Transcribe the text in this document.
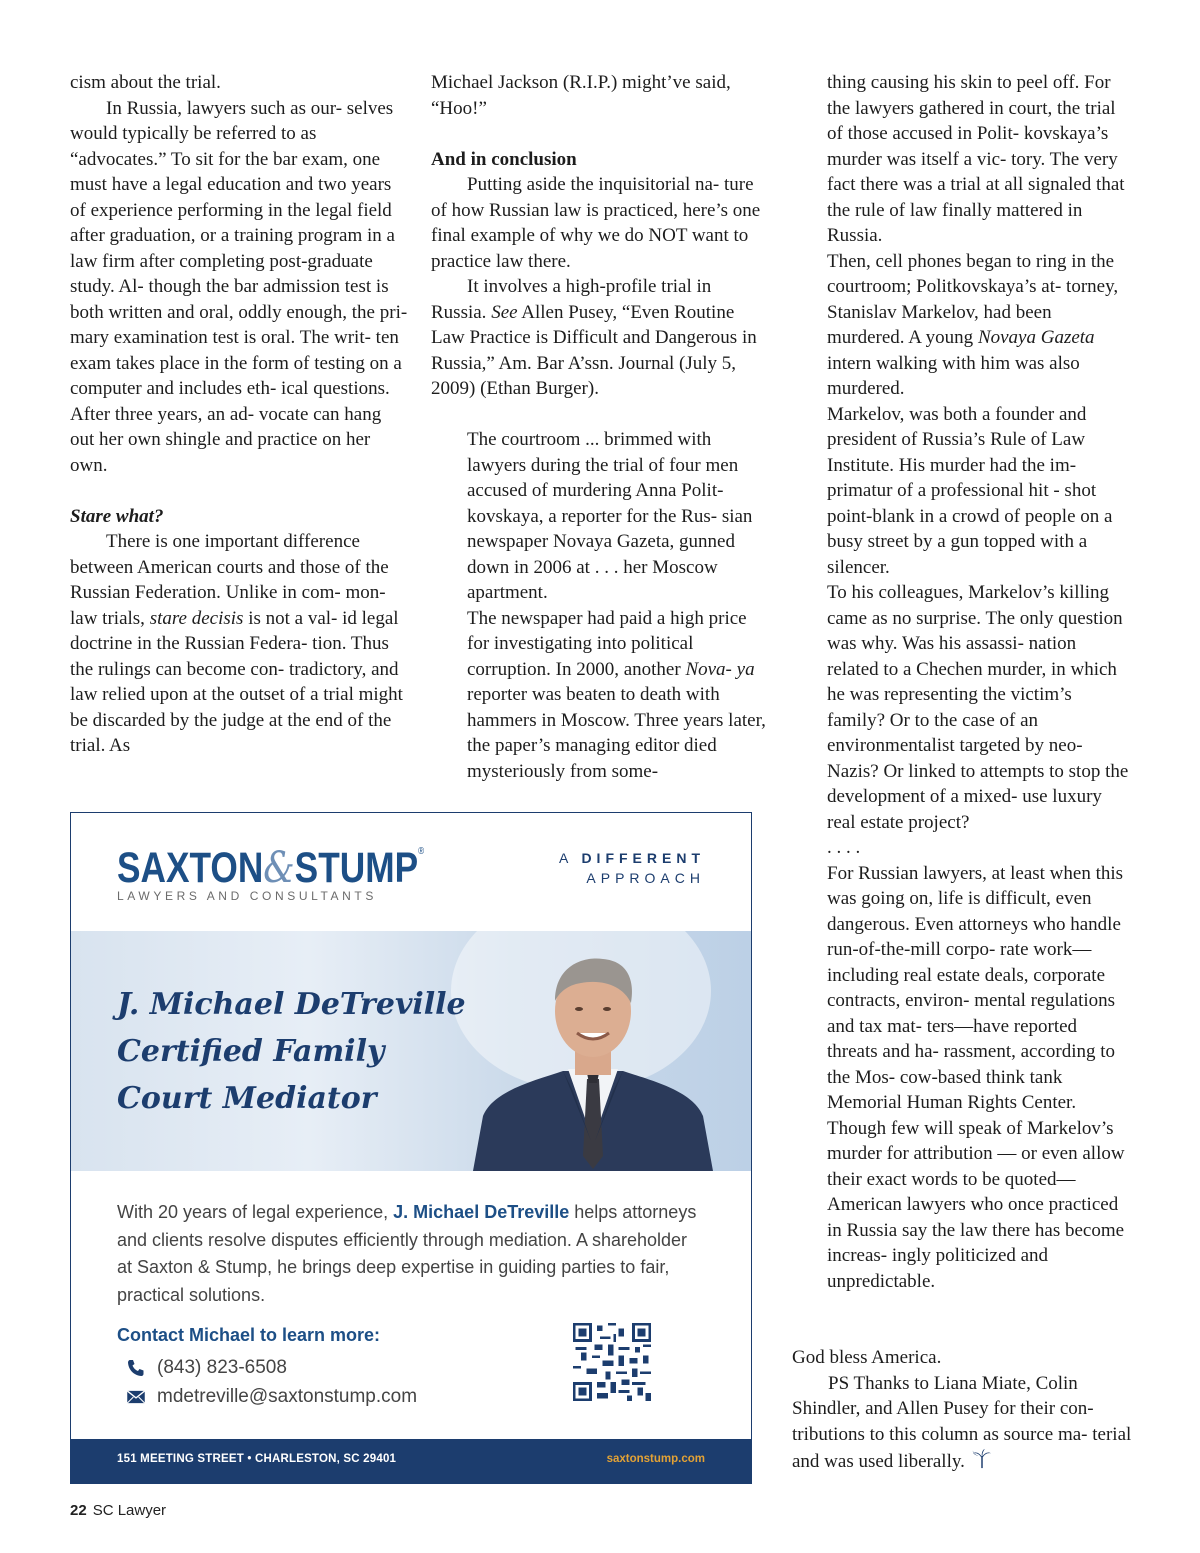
cism about the trial.

In Russia, lawyers such as our- selves would typically be referred to as “advocates.” To sit for the bar exam, one must have a legal education and two years of experience performing in the legal field after graduation, or a training program in a law firm after completing post-graduate study. Al- though the bar admission test is both written and oral, oddly enough, the pri- mary examination test is oral. The writ- ten exam takes place in the form of testing on a computer and includes eth- ical questions. After three years, an ad- vocate can hang out her own shingle and practice on her own.

Stare what?

There is one important difference between American courts and those of the Russian Federation. Unlike in com- mon-law trials, stare decisis is not a val- id legal doctrine in the Russian Federa- tion. Thus the rulings can become con- tradictory, and law relied upon at the outset of a trial might be discarded by the judge at the end of the trial. As

Michael Jackson (R.I.P.) might’ve said, “Hoo!”

And in conclusion

Putting aside the inquisitorial na- ture of how Russian law is practiced, here’s one final example of why we do NOT want to practice law there.

It involves a high-profile trial in Russia. See Allen Pusey, “Even Routine Law Practice is Difficult and Dangerous in Russia,” Am. Bar A’ssn. Journal (July 5, 2009) (Ethan Burger).

The courtroom ... brimmed with lawyers during the trial of four men accused of murdering Anna Polit- kovskaya, a reporter for the Rus- sian newspaper Novaya Gazeta, gunned down in 2006 at . . . her Moscow apartment.

The newspaper had paid a high price for investigating into political corruption. In 2000, another Nova- ya reporter was beaten to death with hammers in Moscow. Three years later, the paper’s managing editor died mysteriously from some-

thing causing his skin to peel off. For the lawyers gathered in court, the trial of those accused in Polit- kovskaya’s murder was itself a vic- tory. The very fact there was a trial at all signaled that the rule of law finally mattered in Russia.

Then, cell phones began to ring in the courtroom; Politkovskaya’s at- torney, Stanislav Markelov, had been murdered. A young Novaya Gazeta intern walking with him was also murdered.

Markelov, was both a founder and president of Russia’s Rule of Law Institute. His murder had the im- primatur of a professional hit - shot point-blank in a crowd of people on a busy street by a gun topped with a silencer.

To his colleagues, Markelov’s killing came as no surprise. The only question was why. Was his assassi- nation related to a Chechen murder, in which he was representing the victim’s family? Or to the case of an environmentalist targeted by neo-Nazis? Or linked to attempts to stop the development of a mixed- use luxury real estate project?

. . . .

For Russian lawyers, at least when this was going on, life is difficult, even dangerous. Even attorneys who handle run-of-the-mill corpo- rate work—including real estate deals, corporate contracts, environ- mental regulations and tax mat- ters—have reported threats and ha- rassment, according to the Mos- cow-based think tank Memorial Human Rights Center.

Though few will speak of Markelov’s murder for attribution — or even allow their exact words to be quoted—American lawyers who once practiced in Russia say the law there has become increas- ingly politicized and unpredictable.

God bless America.

PS Thanks to Liana Miate, Colin Shindler, and Allen Pusey for their con- tributions to this column as source ma- terial and was used liberally.

SAXTON&STUMP®
LAWYERS AND CONSULTANTS
A DIFFERENT
APPROACH
J. Michael DeTreville
Certified Family
Court Mediator
With 20 years of legal experience, J. Michael DeTreville helps attorneys and clients resolve disputes efficiently through mediation. A shareholder at Saxton & Stump, he brings deep expertise in guiding parties to fair, practical solutions.
Contact Michael to learn more:
(843) 823-6508
mdetreville@saxtonstump.com
151 MEETING STREET • CHARLESTON, SC 29401	saxtonstump.com
22 SC Lawyer
